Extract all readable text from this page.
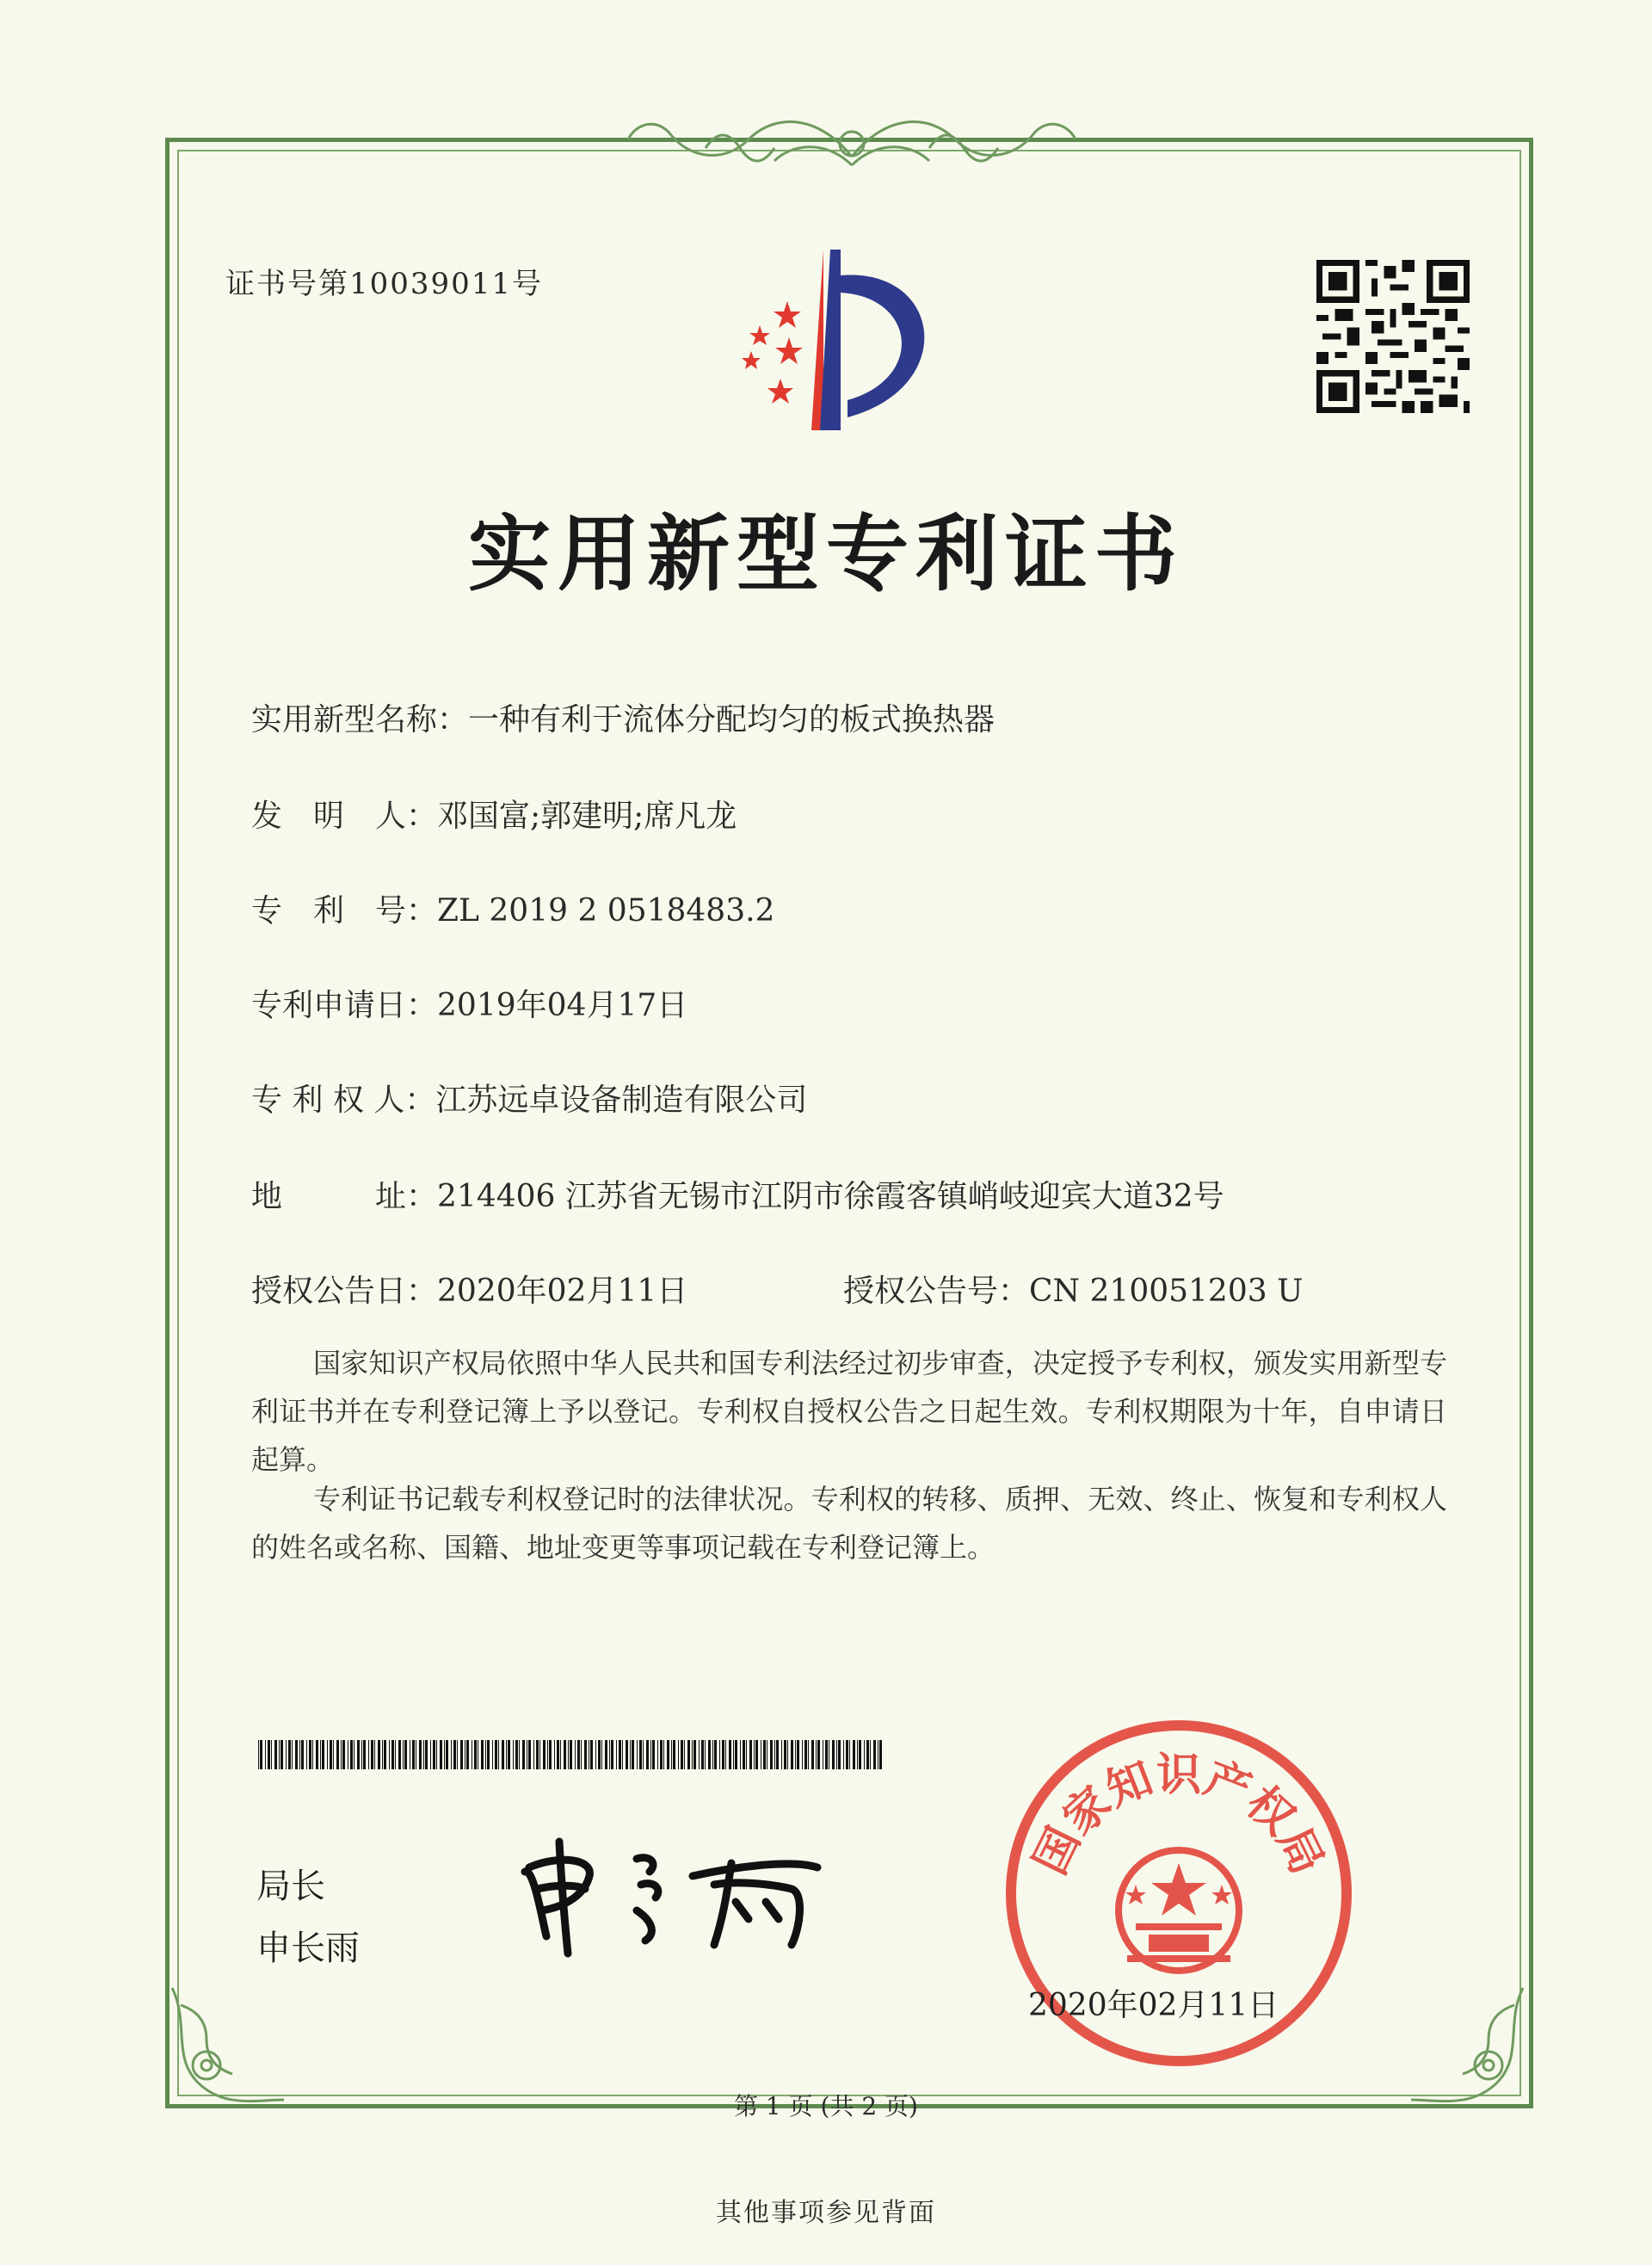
证书号第10039011号
实用新型专利证书
实用新型名称：一种有利于流体分配均匀的板式换热器
发　明　人：邓国富;郭建明;席凡龙
专　利　号：ZL 2019 2 0518483.2
专利申请日：2019年04月17日
专 利 权 人：江苏远卓设备制造有限公司
地　　　址：214406 江苏省无锡市江阴市徐霞客镇峭岐迎宾大道32号
授权公告日：2020年02月11日	授权公告号：CN 210051203 U
国家知识产权局依照中华人民共和国专利法经过初步审查，决定授予专利权，颁发实用新型专利证书并在专利登记簿上予以登记。专利权自授权公告之日起生效。专利权期限为十年，自申请日起算。
专利证书记载专利权登记时的法律状况。专利权的转移、质押、无效、终止、恢复和专利权人的姓名或名称、国籍、地址变更等事项记载在专利登记簿上。
局长
申长雨
国家知识产权局
2020年02月11日
第 1 页 (共 2 页)
其他事项参见背面
